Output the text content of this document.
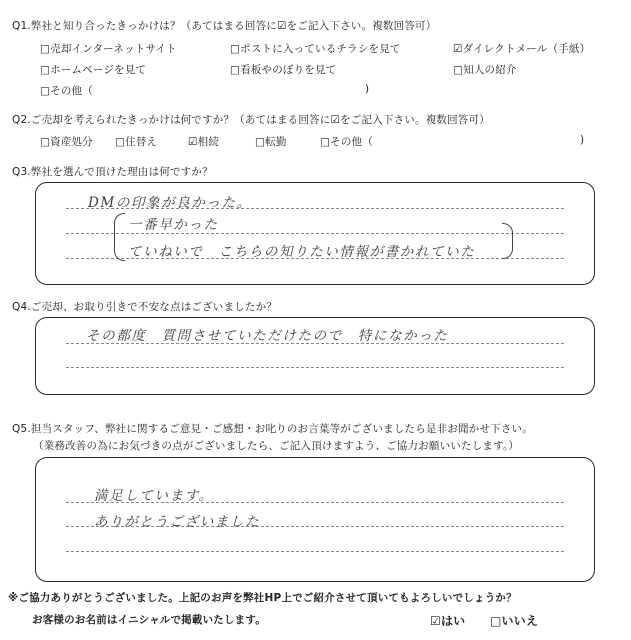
Q1.弊社と知り合ったきっかけは？（あてはまる回答に☑をご記入下さい。複数回答可）
□売却インターネットサイト	□ポストに入っているチラシを見て	☑ダイレクトメール（手紙）
□ホームページを見て	□看板やのぼりを見て	□知人の紹介
□その他（	)
Q2.ご売却を考えられたきっかけは何ですか？（あてはまる回答に☑をご記入下さい。複数回答可）
□資産処分 □住替え	☑相続	□転勤	□その他（	)
Q3.弊社を選んで頂けた理由は何ですか？
DMの印象が良かった。
一番早かった
ていねいで　こちらの知りたい情報が書かれていた
Q4.ご売却、お取り引きで不安な点はございましたか？
その都度　質問させていただけたので　特になかった
Q5.担当スタッフ、弊社に関するご意見・ご感想・お叱りのお言葉等がございましたら是非お聞かせ下さい。
（業務改善の為にお気づきの点がございましたら、ご記入頂けますよう、ご協力お願いいたします。）
満足しています。
ありがとうございました
※ご協力ありがとうございました。上記のお声を弊社HP上でご紹介させて頂いてもよろしいでしょうか？
お客様のお名前はイニシャルで掲載いたします。	☑はい □いいえ
